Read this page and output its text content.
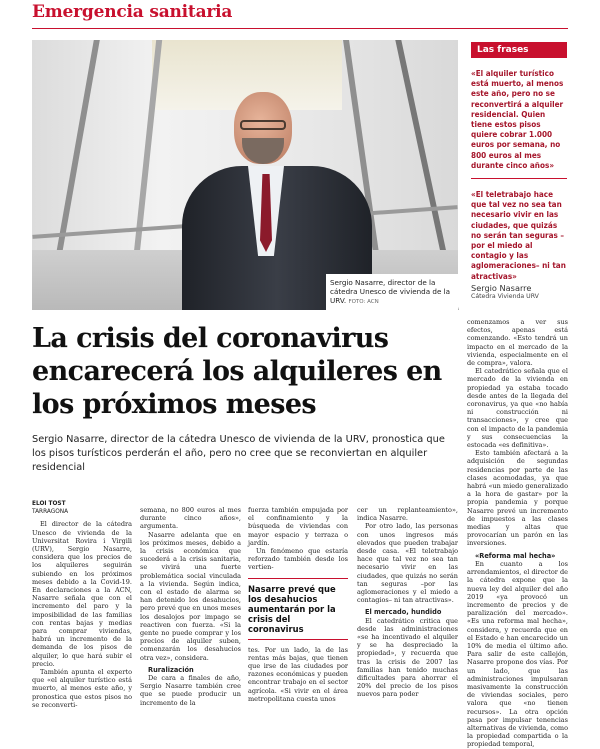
Emergencia sanitaria
Sergio Nasarre, director de la cátedra Unesco de vivienda de la URV. FOTO: ACN
Las frases
«El alquiler turístico está muerto, al menos este año, pero no se reconvertirá a alquiler residencial. Quien tiene estos pisos quiere cobrar 1.000 euros por semana, no 800 euros al mes durante cinco años»
«El teletrabajo hace que tal vez no sea tan necesario vivir en las ciudades, que quizás no serán tan seguras –por el miedo al contagio y las aglomeraciones– ni tan atractivas»
Sergio Nasarre
Cátedra Vivienda URV
La crisis del coronavirus encarecerá los alquileres en los próximos meses
Sergio Nasarre, director de la cátedra Unesco de vivienda de la URV, pronostica que los pisos turísticos perderán el año, pero no cree que se reconviertan en alquiler residencial
ELOI TOST
TARRAGONA

El director de la cátedra Unesco de vivienda de la Universitat Rovira i Virgili (URV), Sergio Nasarre, considera que los precios de los alquileres seguirán subiendo en los próximos meses debido a la Covid-19. En declaraciones a la ACN, Nasarre señala que con el incremento del paro y la imposibilidad de las familias con rentas bajas y medias para comprar viviendas, habrá un incremento de la demanda de los pisos de alquiler, lo que hará subir el precio.

También apunta el experto que «el alquiler turístico está muerto, al menos este año, y pronostica que estos pisos no se reconverti-

semana, no 800 euros al mes durante cinco años», argumenta.

Nasarre adelanta que en los próximos meses, debido a la crisis económica que sucederá a la crisis sanitaria, se vivirá una fuerte problemática social vinculada a la vivienda. Según indica, con el estado de alarma se han detenido los desahucios, pero prevé que en unos meses los desalojos por impago se reactiven con fuerza. «Si la gente no puede comprar y los precios de alquiler suben, comenzarán los desahucios otra vez», considera.

Ruralización

De cara a finales de año, Sergio Nasarre también cree que se puede producir un incremento de la

fuerza también empujada por el confinamiento y la búsqueda de viviendas con mayor espacio y terraza o jardín.

Un fenómeno que estaría reforzado también desde los vertien-

Nasarre prevé que los desahucios aumentarán por la crisis del coronavirus

tes. Por un lado, la de las rentas más bajas, que tienen que irse de las ciudades por razones económicas y pueden encontrar trabajo en el sector agrícola. «Si vivir en el área metropolitana cuesta unos

cer un replanteamiento», indica Nasarre.

Por otro lado, las personas con unos ingresos más elevados que pueden trabajar desde casa. «El teletrabajo hace que tal vez no sea tan necesario vivir en las ciudades, que quizás no serán tan seguras –por las aglomeraciones y el miedo a contagios– ni tan atractivas».

El mercado, hundido

El catedrático critica que desde las administraciones «se ha incentivado el alquiler y se ha despreciado la propiedad», y recuerda que tras la crisis de 2007 las familias han tenido muchas dificultades para ahorrar el 20% del precio de los pisos nuevos para poder

comenzamos a ver sus efectos, apenas está comenzando. «Esto tendrá un impacto en el mercado de la vivienda, especialmente en el de compra», valora.

El catedrático señala que el mercado de la vivienda en propiedad ya estaba tocado desde antes de la llegada del coronavirus, ya que «no había ni construcción ni transacciones», y cree que con el impacto de la pandemia y sus consecuencias la estocada «es definitiva».

Esto también afectará a la adquisición de segundas residencias por parte de las clases acomodadas, ya que habrá «un miedo generalizado a la hora de gastar» por la propia pandemia y porque Nasarre prevé un incremento de impuestos a las clases medias y altas que provocarían un parón en las inversiones.

«Reforma mal hecha»

En cuanto a los arrendamientos, el director de la cátedra expone que la nueva ley del alquiler del año 2019 «ya provocó un incremento de precios y de paralización del mercado». «Es una reforma mal hecha», considera, y recuerda que en el Estado e han encarecido un 10% de media el último año. Para salir de este callejón, Nasarre propone dos vías. Por un lado, que las administraciones impulsaran masivamente la construcción de viviendas sociales, pero valora que «no tienen recursos». La otra opción pasa por impulsar tenencias alternativas de vivienda, como la propiedad compartida o la propiedad temporal,
